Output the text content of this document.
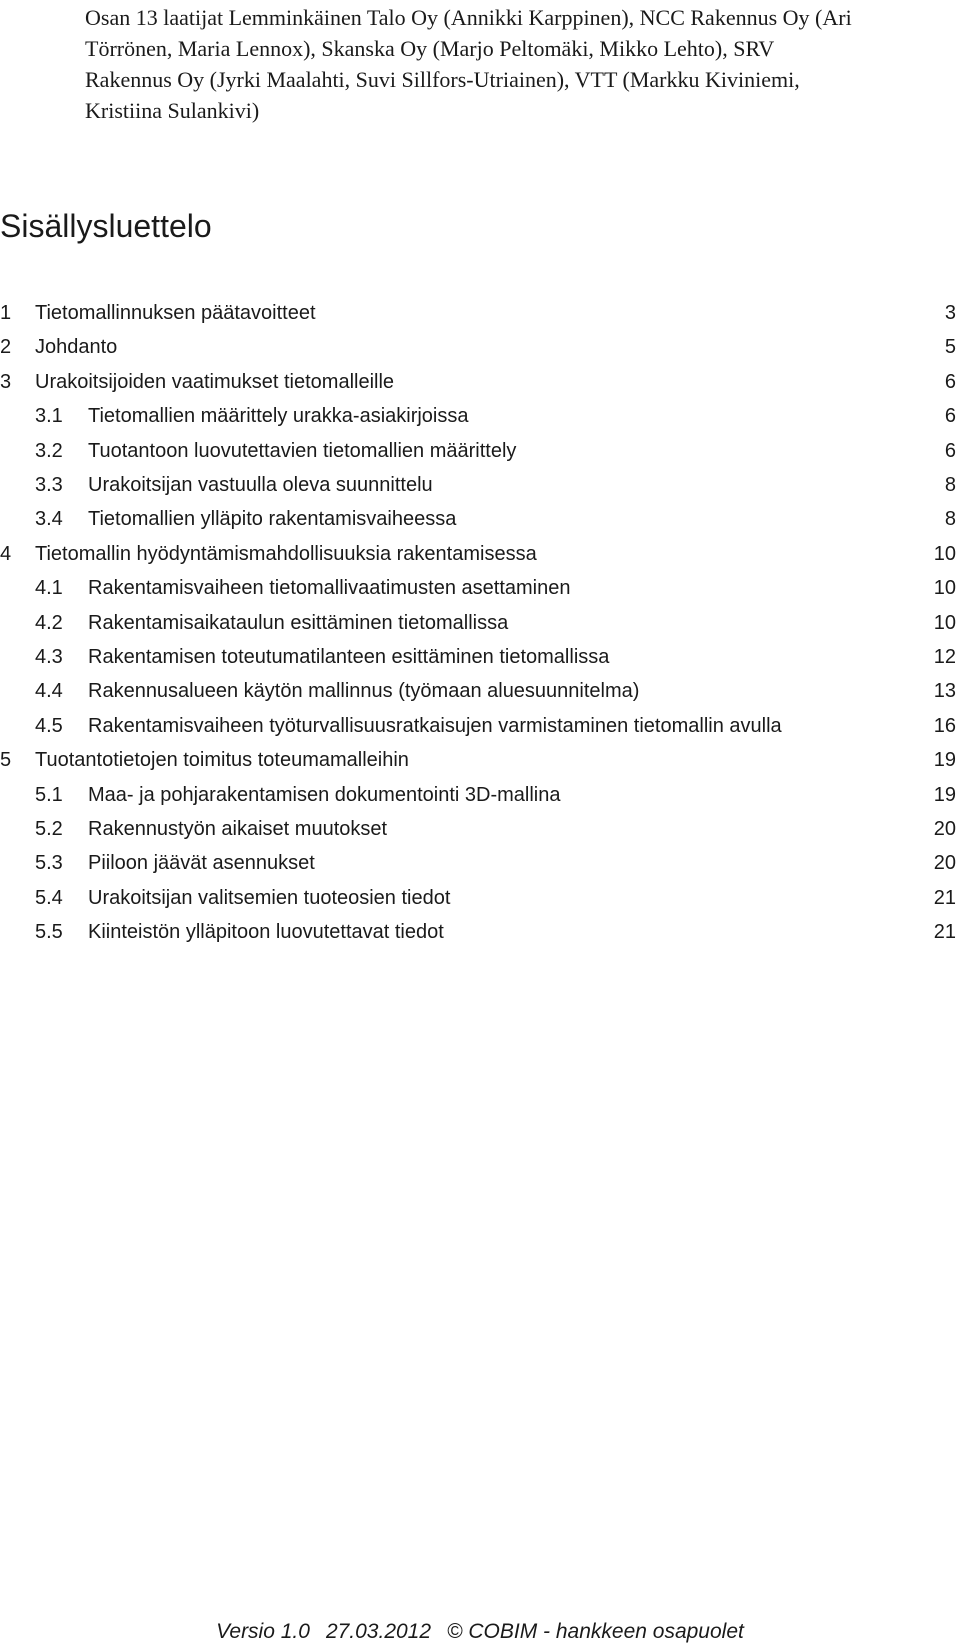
Osan 13 laatijat Lemminkäinen Talo Oy (Annikki Karppinen), NCC Rakennus Oy (Ari
Törrönen, Maria Lennox), Skanska Oy (Marjo Peltomäki, Mikko Lehto), SRV
Rakennus Oy (Jyrki Maalahti, Suvi Sillfors-Utriainen), VTT (Markku Kiviniemi,
Kristiina Sulankivi)
Sisällysluettelo
1 Tietomallinnuksen päätavoitteet	3
2 Johdanto	5
3 Urakoitsijoiden vaatimukset tietomalleille	6
3.1 Tietomallien määrittely urakka-asiakirjoissa	6
3.2 Tuotantoon luovutettavien tietomallien määrittely	6
3.3 Urakoitsijan vastuulla oleva suunnittelu	8
3.4 Tietomallien ylläpito rakentamisvaiheessa	8
4 Tietomallin hyödyntämismahdollisuuksia rakentamisessa	10
4.1 Rakentamisvaiheen tietomallivaatimusten asettaminen	10
4.2 Rakentamisaikataulun esittäminen tietomallissa	10
4.3 Rakentamisen toteutumatilanteen esittäminen tietomallissa	12
4.4 Rakennusalueen käytön mallinnus (työmaan aluesuunnitelma)	13
4.5 Rakentamisvaiheen työturvallisuusratkaisujen varmistaminen tietomallin avulla	16
5 Tuotantotietojen toimitus toteumamalleihin	19
5.1 Maa- ja pohjarakentamisen dokumentointi 3D-mallina	19
5.2 Rakennustyön aikaiset muutokset	20
5.3 Piiloon jäävät asennukset	20
5.4 Urakoitsijan valitsemien tuoteosien tiedot	21
5.5 Kiinteistön ylläpitoon luovutettavat tiedot	21
Versio 1.0 27.03.2012 © COBIM - hankkeen osapuolet
